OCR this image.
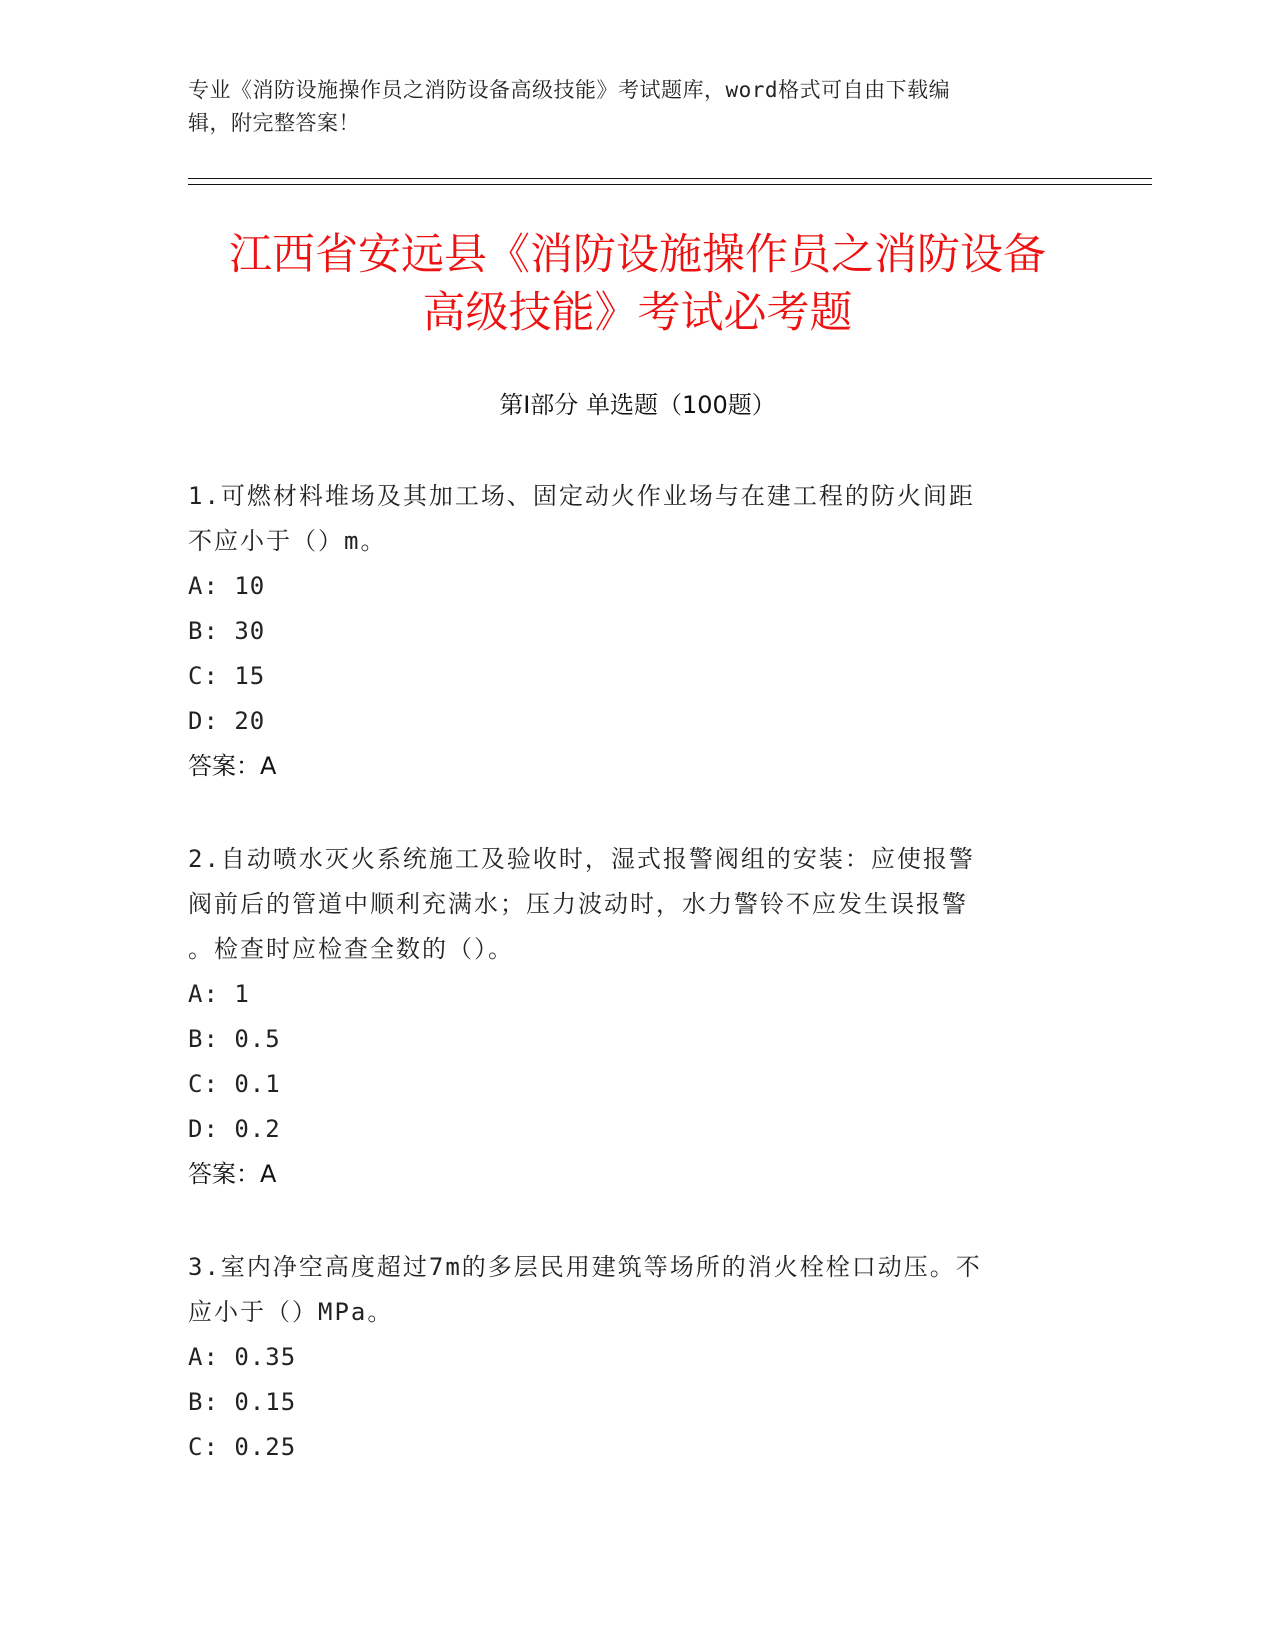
专业《消防设施操作员之消防设备高级技能》考试题库，word格式可自由下载编
辑，附完整答案！
江西省安远县《消防设施操作员之消防设备
高级技能》考试必考题
第Ⅰ部分 单选题（100题）
1.可燃材料堆场及其加工场、固定动火作业场与在建工程的防火间距
不应小于（）m。
A: 10
B: 30
C: 15
D: 20
答案：A
2.自动喷水灭火系统施工及验收时，湿式报警阀组的安装：应使报警
阀前后的管道中顺利充满水；压力波动时，水力警铃不应发生误报警
。检查时应检查全数的（）。
A: 1
B: 0.5
C: 0.1
D: 0.2
答案：A
3.室内净空高度超过7m的多层民用建筑等场所的消火栓栓口动压。不
应小于（）MPa。
A: 0.35
B: 0.15
C: 0.25
